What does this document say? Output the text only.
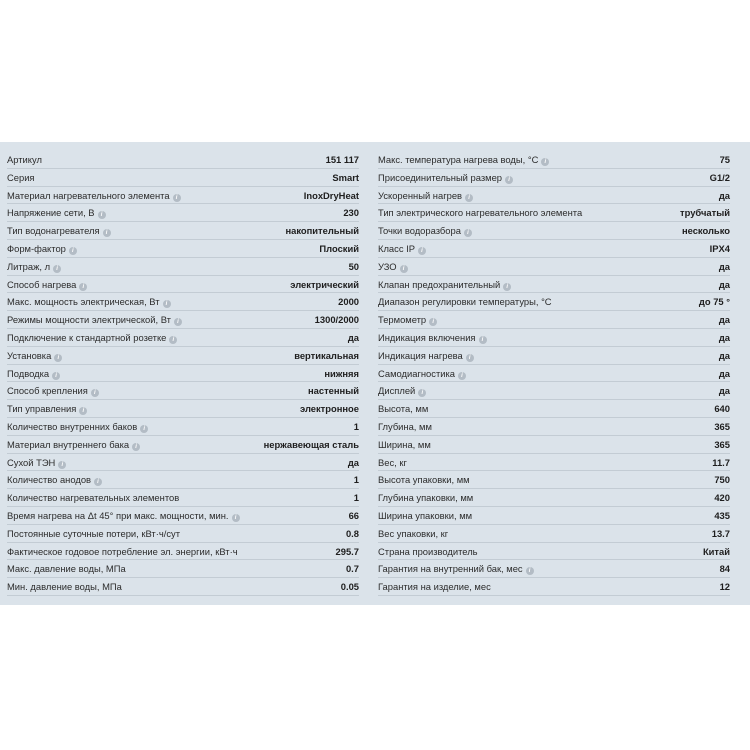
Артикул	151 117
Серия	Smart
Материал нагревательного элемента i	InoxDryHeat
Напряжение сети, В i	230
Тип водонагревателя i	накопительный
Форм-фактор i	Плоский
Литраж, л i	50
Способ нагрева i	электрический
Макс. мощность электрическая, Вт i	2000
Режимы мощности электрической, Вт i	1300/2000
Подключение к стандартной розетке i	да
Установка i	вертикальная
Подводка i	нижняя
Способ крепления i	настенный
Тип управления i	электронное
Количество внутренних баков i	1
Материал внутреннего бака i	нержавеющая сталь
Сухой ТЭН i	да
Количество анодов i	1
Количество нагревательных элементов	1
Время нагрева на Δt 45° при макс. мощности, мин. i	66
Постоянные суточные потери, кВт·ч/сут	0.8
Фактическое годовое потребление эл. энергии, кВт·ч	295.7
Макс. давление воды, МПа	0.7
Мин. давление воды, МПа	0.05
Макс. температура нагрева воды, °С i	75
Присоединительный размер i	G1/2
Ускоренный нагрев i	да
Тип электрического нагревательного элемента	трубчатый
Точки водоразбора i	несколько
Класс IP i	IPX4
УЗО i	да
Клапан предохранительный i	да
Диапазон регулировки температуры, °С	до 75 °
Термометр i	да
Индикация включения i	да
Индикация нагрева i	да
Самодиагностика i	да
Дисплей i	да
Высота, мм	640
Глубина, мм	365
Ширина, мм	365
Вес, кг	11.7
Высота упаковки, мм	750
Глубина упаковки, мм	420
Ширина упаковки, мм	435
Вес упаковки, кг	13.7
Страна производитель	Китай
Гарантия на внутренний бак, мес i	84
Гарантия на изделие, мес	12
